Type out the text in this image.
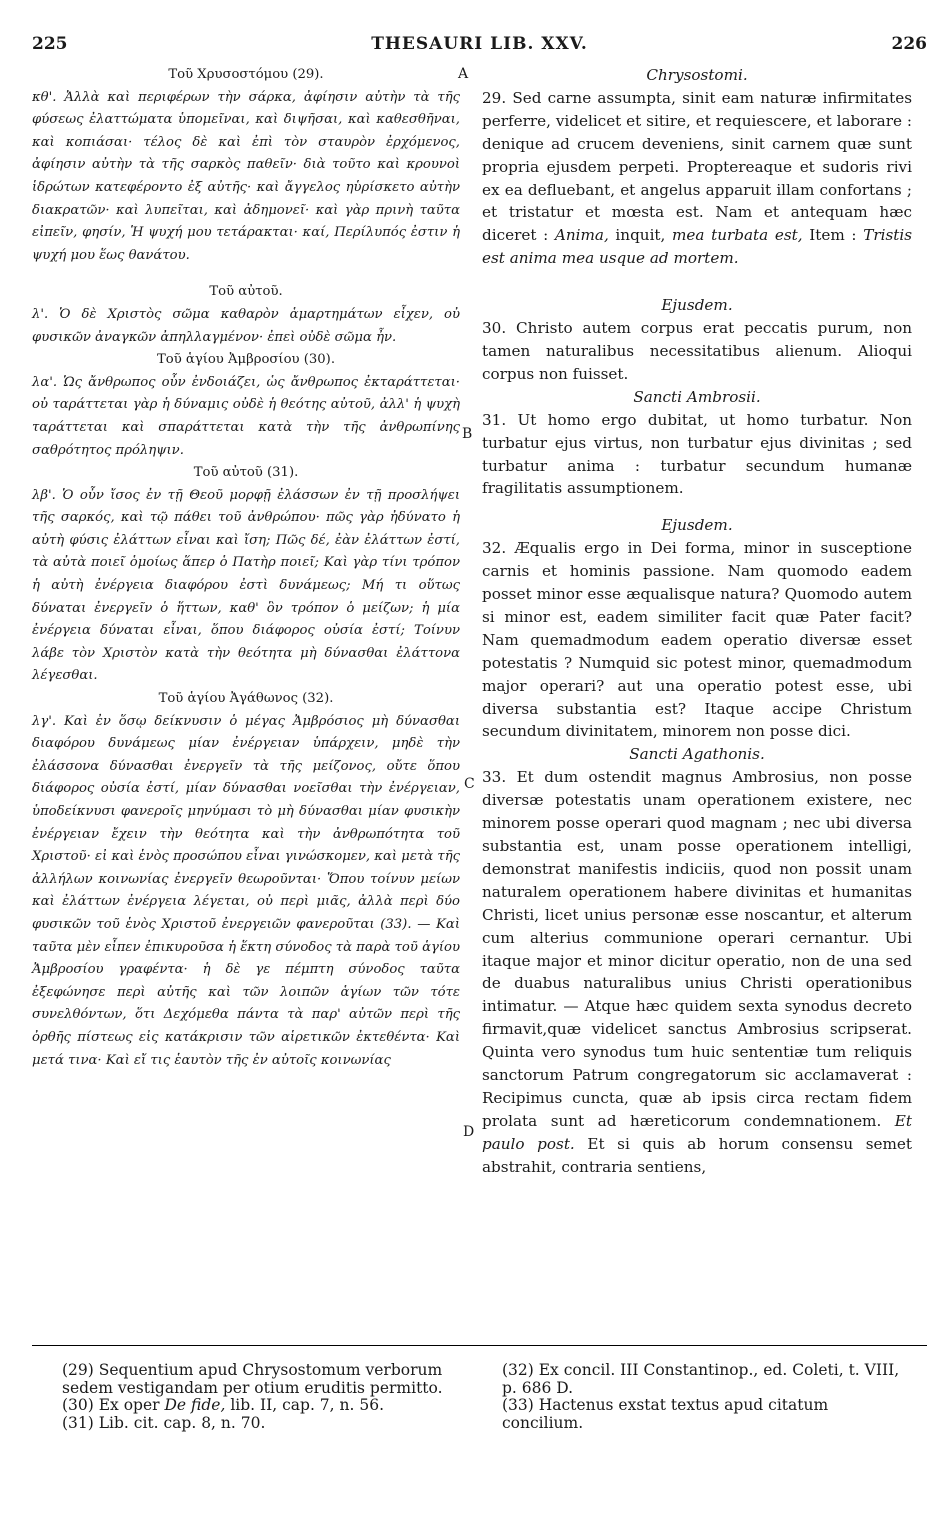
225	THESAURI LIB. XXV.	226
A
B
C
D

Τοῦ Χρυσοστόμου (29).

κθ'. Ἀλλὰ καὶ περιφέρων τὴν σάρκα, ἀφίησιν αὐτὴν τὰ τῆς φύσεως ἐλαττώματα ὑπομεῖναι, καὶ διψῆσαι, καὶ καθεσθῆναι, καὶ κοπιάσαι· τέλος δὲ καὶ ἐπὶ τὸν σταυρὸν ἐρχόμενος, ἀφίησιν αὐτὴν τὰ τῆς σαρκὸς παθεῖν· διὰ τοῦτο καὶ κρουνοὶ ἱδρώτων κατεφέροντο ἐξ αὐτῆς· καὶ ἄγγελος ηὑρίσκετο αὐτὴν διακρατῶν· καὶ λυπεῖται, καὶ ἀδημονεῖ· καὶ γὰρ πρινὴ ταῦτα εἰπεῖν, φησίν, Ἡ ψυχή μου τετάρακται· καί, Περίλυπός ἐστιν ἡ ψυχή μου ἕως θανάτου.

Τοῦ αὐτοῦ.

λ'. Ὁ δὲ Χριστὸς σῶμα καθαρὸν ἁμαρτημάτων εἶχεν, οὐ φυσικῶν ἀναγκῶν ἀπηλλαγμένον· ἐπεὶ οὐδὲ σῶμα ἦν.

Τοῦ ἁγίου Ἀμβροσίου (30).

λα'. Ὡς ἄνθρωπος οὖν ἐνδοιάζει, ὡς ἄνθρωπος ἐκταράττεται· οὐ ταράττεται γὰρ ἡ δύναμις οὐδὲ ἡ θεότης αὐτοῦ, ἀλλ' ἡ ψυχὴ ταράττεται καὶ σπαράττεται κατὰ τὴν τῆς ἀνθρωπίνης σαθρότητος πρόληψιν.

Τοῦ αὐτοῦ (31).

λβ'. Ὁ οὖν ἴσος ἐν τῇ Θεοῦ μορφῇ ἐλάσσων ἐν τῇ προσλήψει τῆς σαρκός, καὶ τῷ πάθει τοῦ ἀνθρώπου· πῶς γὰρ ἠδύνατο ἡ αὐτὴ φύσις ἐλάττων εἶναι καὶ ἴση; Πῶς δέ, ἐὰν ἐλάττων ἐστί, τὰ αὐτὰ ποιεῖ ὁμοίως ἅπερ ὁ Πατὴρ ποιεῖ; Καὶ γὰρ τίνι τρόπον ἡ αὐτὴ ἐνέργεια διαφόρου ἐστὶ δυνάμεως; Μή τι οὕτως δύναται ἐνεργεῖν ὁ ἥττων, καθ' ὃν τρόπον ὁ μείζων; ἡ μία ἐνέργεια δύναται εἶναι, ὅπου διάφορος οὐσία ἐστί; Τοίνυν λάβε τὸν Χριστὸν κατὰ τὴν θεότητα μὴ δύνασθαι ἐλάττονα λέγεσθαι.

Τοῦ ἁγίου Ἀγάθωνος (32).

λγ'. Καὶ ἐν ὅσῳ δείκνυσιν ὁ μέγας Ἀμβρόσιος μὴ δύνασθαι διαφόρου δυνάμεως μίαν ἐνέργειαν ὑπάρχειν, μηδὲ τὴν ἐλάσσονα δύνασθαι ἐνεργεῖν τὰ τῆς μείζονος, οὔτε ὅπου διάφορος οὐσία ἐστί, μίαν δύνασθαι νοεῖσθαι τὴν ἐνέργειαν, ὑποδείκνυσι φανεροῖς μηνύμασι τὸ μὴ δύνασθαι μίαν φυσικὴν ἐνέργειαν ἔχειν τὴν θεότητα καὶ τὴν ἀνθρωπότητα τοῦ Χριστοῦ· εἰ καὶ ἑνὸς προσώπου εἶναι γινώσκομεν, καὶ μετὰ τῆς ἀλλήλων κοινωνίας ἐνεργεῖν θεωροῦνται· Ὅπου τοίνυν μείων καὶ ἐλάττων ἐνέργεια λέγεται, οὐ περὶ μιᾶς, ἀλλὰ περὶ δύο φυσικῶν τοῦ ἑνὸς Χριστοῦ ἐνεργειῶν φανεροῦται (33). — Καὶ ταῦτα μὲν εἶπεν ἐπικυροῦσα ἡ ἕκτη σύνοδος τὰ παρὰ τοῦ ἁγίου Ἀμβροσίου γραφέντα· ἡ δὲ γε πέμπτη σύνοδος ταῦτα ἐξεφώνησε περὶ αὐτῆς καὶ τῶν λοιπῶν ἁγίων τῶν τότε συνελθόντων, ὅτι Δεχόμεθα πάντα τὰ παρ' αὐτῶν περὶ τῆς ὀρθῆς πίστεως εἰς κατάκρισιν τῶν αἱρετικῶν ἐκτεθέντα· Καὶ μετά τινα· Καὶ εἴ τις ἑαυτὸν τῆς ἐν αὐτοῖς κοινωνίας

Chrysostomi.

29. Sed carne assumpta, sinit eam naturæ infirmitates perferre, videlicet et sitire, et requiescere, et laborare : denique ad crucem deveniens, sinit carnem quæ sunt propria ejusdem perpeti. Proptereaque et sudoris rivi ex ea defluebant, et angelus apparuit illam confortans ; et tristatur et mœsta est. Nam et antequam hæc diceret : Anima, inquit, mea turbata est, Item : Tristis est anima mea usque ad mortem.

Ejusdem.

30. Christo autem corpus erat peccatis purum, non tamen naturalibus necessitatibus alienum. Alioqui corpus non fuisset.

Sancti Ambrosii.

31. Ut homo ergo dubitat, ut homo turbatur. Non turbatur ejus virtus, non turbatur ejus divinitas ; sed turbatur anima : turbatur secundum humanæ fragilitatis assumptionem.

Ejusdem.

32. Æqualis ergo in Dei forma, minor in susceptione carnis et hominis passione. Nam quomodo eadem posset minor esse æqualisque natura? Quomodo autem si minor est, eadem similiter facit quæ Pater facit? Nam quemadmodum eadem operatio diversæ esset potestatis ? Numquid sic potest minor, quemadmodum major operari? aut una operatio potest esse, ubi diversa substantia est? Itaque accipe Christum secundum divinitatem, minorem non posse dici.

Sancti Agathonis.

33. Et dum ostendit magnus Ambrosius, non posse diversæ potestatis unam operationem existere, nec minorem posse operari quod magnam ; nec ubi diversa substantia est, unam posse operationem intelligi, demonstrat manifestis indiciis, quod non possit unam naturalem operationem habere divinitas et humanitas Christi, licet unius personæ esse noscantur, et alterum cum alterius communione operari cernantur. Ubi itaque major et minor dicitur operatio, non de una sed de duabus naturalibus unius Christi operationibus intimatur. — Atque hæc quidem sexta synodus decreto firmavit,quæ videlicet sanctus Ambrosius scripserat. Quinta vero synodus tum huic sententiæ tum reliquis sanctorum Patrum congregatorum sic acclamaverat : Recipimus cuncta, quæ ab ipsis circa rectam fidem prolata sunt ad hæreticorum condemnationem. Et paulo post. Et si quis ab horum consensu semet abstrahit, contraria sentiens,

(29) Sequentium apud Chrysostomum verborum sedem vestigandam per otium eruditis permitto.

(30) Ex oper De fide, lib. II, cap. 7, n. 56.

(31) Lib. cit. cap. 8, n. 70.

(32) Ex concil. III Constantinop., ed. Coleti, t. VIII, p. 686 D.

(33) Hactenus exstat textus apud citatum concilium.
